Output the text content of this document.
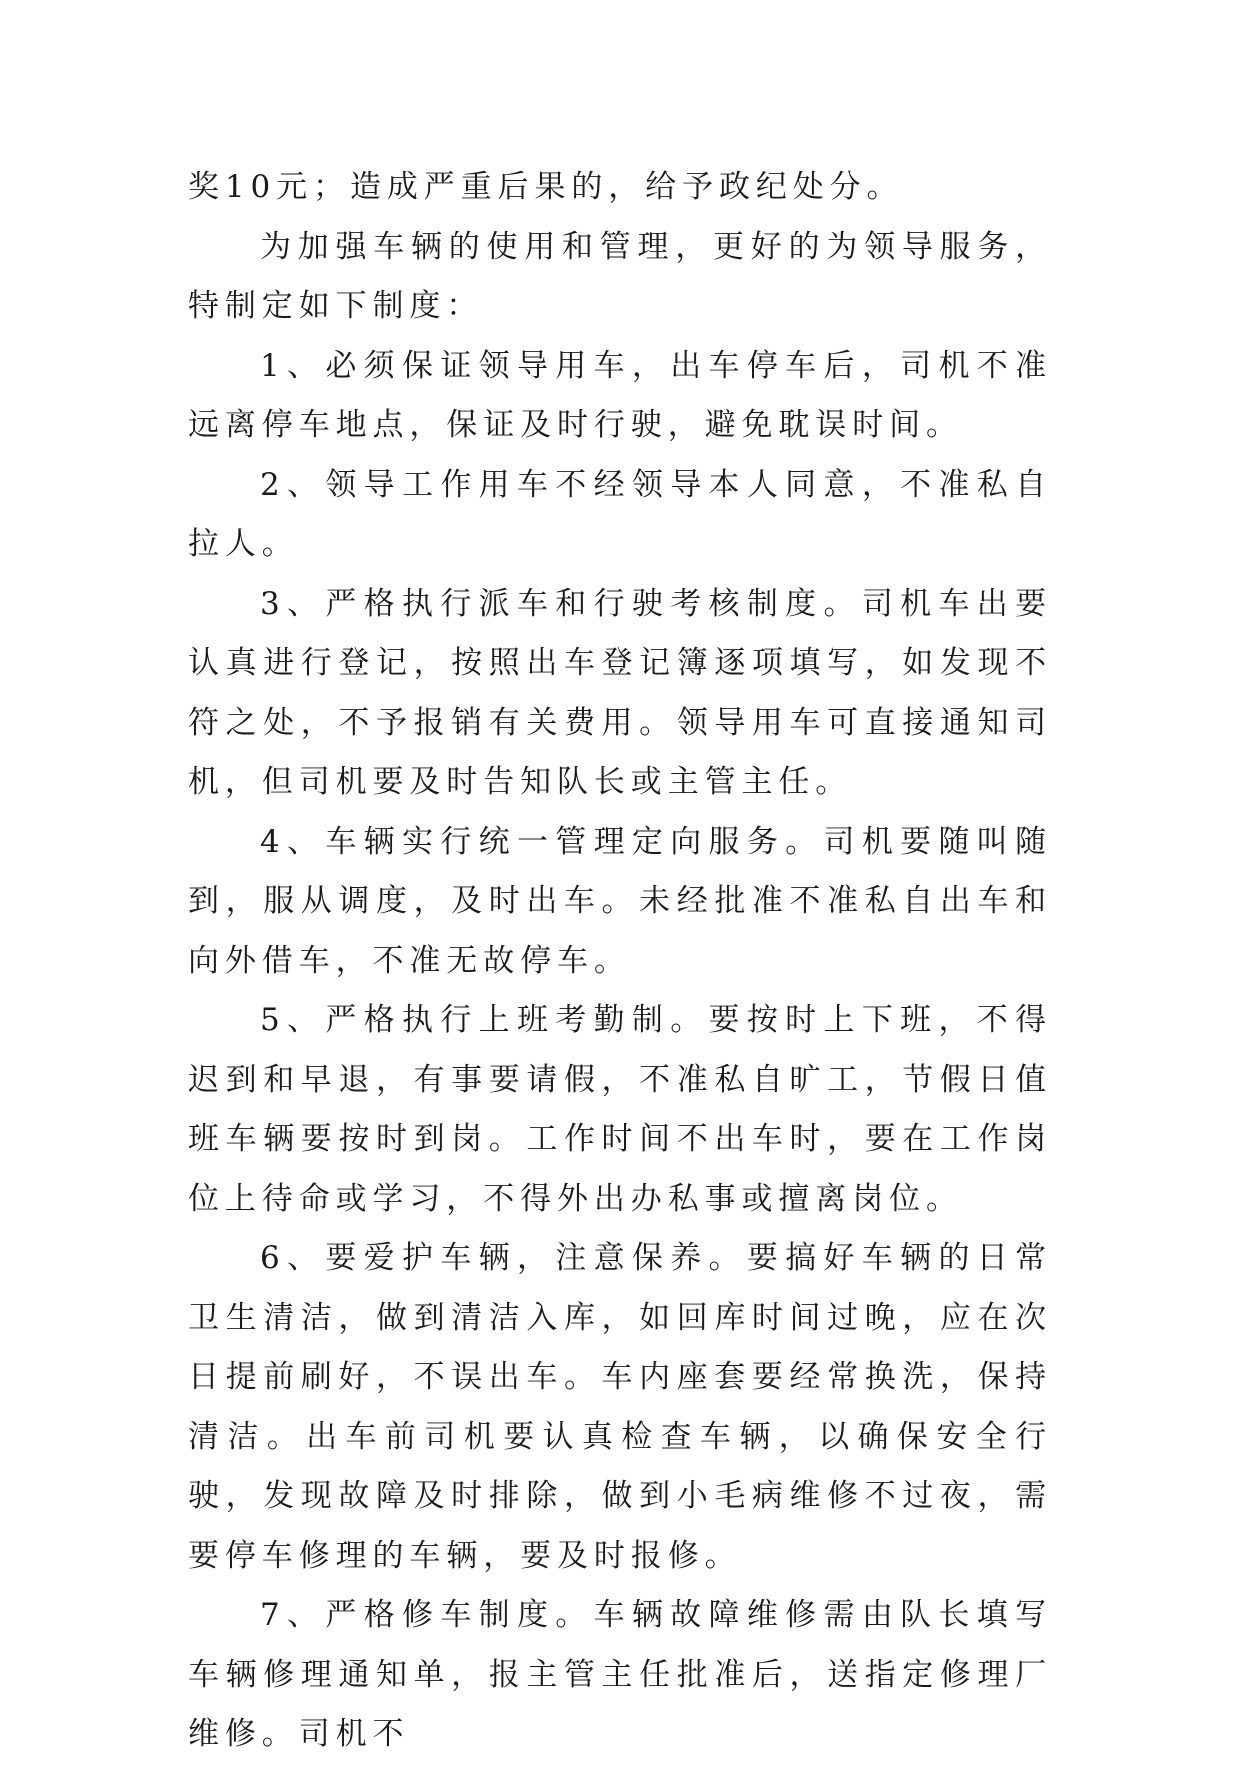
奖10元；造成严重后果的，给予政纪处分。

为加强车辆的使用和管理，更好的为领导服务，特制定如下制度：

1、必须保证领导用车，出车停车后，司机不准远离停车地点，保证及时行驶，避免耽误时间。

2、领导工作用车不经领导本人同意，不准私自拉人。

3、严格执行派车和行驶考核制度。司机车出要认真进行登记，按照出车登记簿逐项填写，如发现不符之处，不予报销有关费用。领导用车可直接通知司机，但司机要及时告知队长或主管主任。

4、车辆实行统一管理定向服务。司机要随叫随到，服从调度，及时出车。未经批准不准私自出车和向外借车，不准无故停车。

5、严格执行上班考勤制。要按时上下班，不得迟到和早退，有事要请假，不准私自旷工，节假日值班车辆要按时到岗。工作时间不出车时，要在工作岗位上待命或学习，不得外出办私事或擅离岗位。

6、要爱护车辆，注意保养。要搞好车辆的日常卫生清洁，做到清洁入库，如回库时间过晚，应在次日提前刷好，不误出车。车内座套要经常换洗，保持清洁。出车前司机要认真检查车辆，以确保安全行驶，发现故障及时排除，做到小毛病维修不过夜，需要停车修理的车辆，要及时报修。

7、严格修车制度。车辆故障维修需由队长填写车辆修理通知单，报主管主任批准后，送指定修理厂维修。司机不
